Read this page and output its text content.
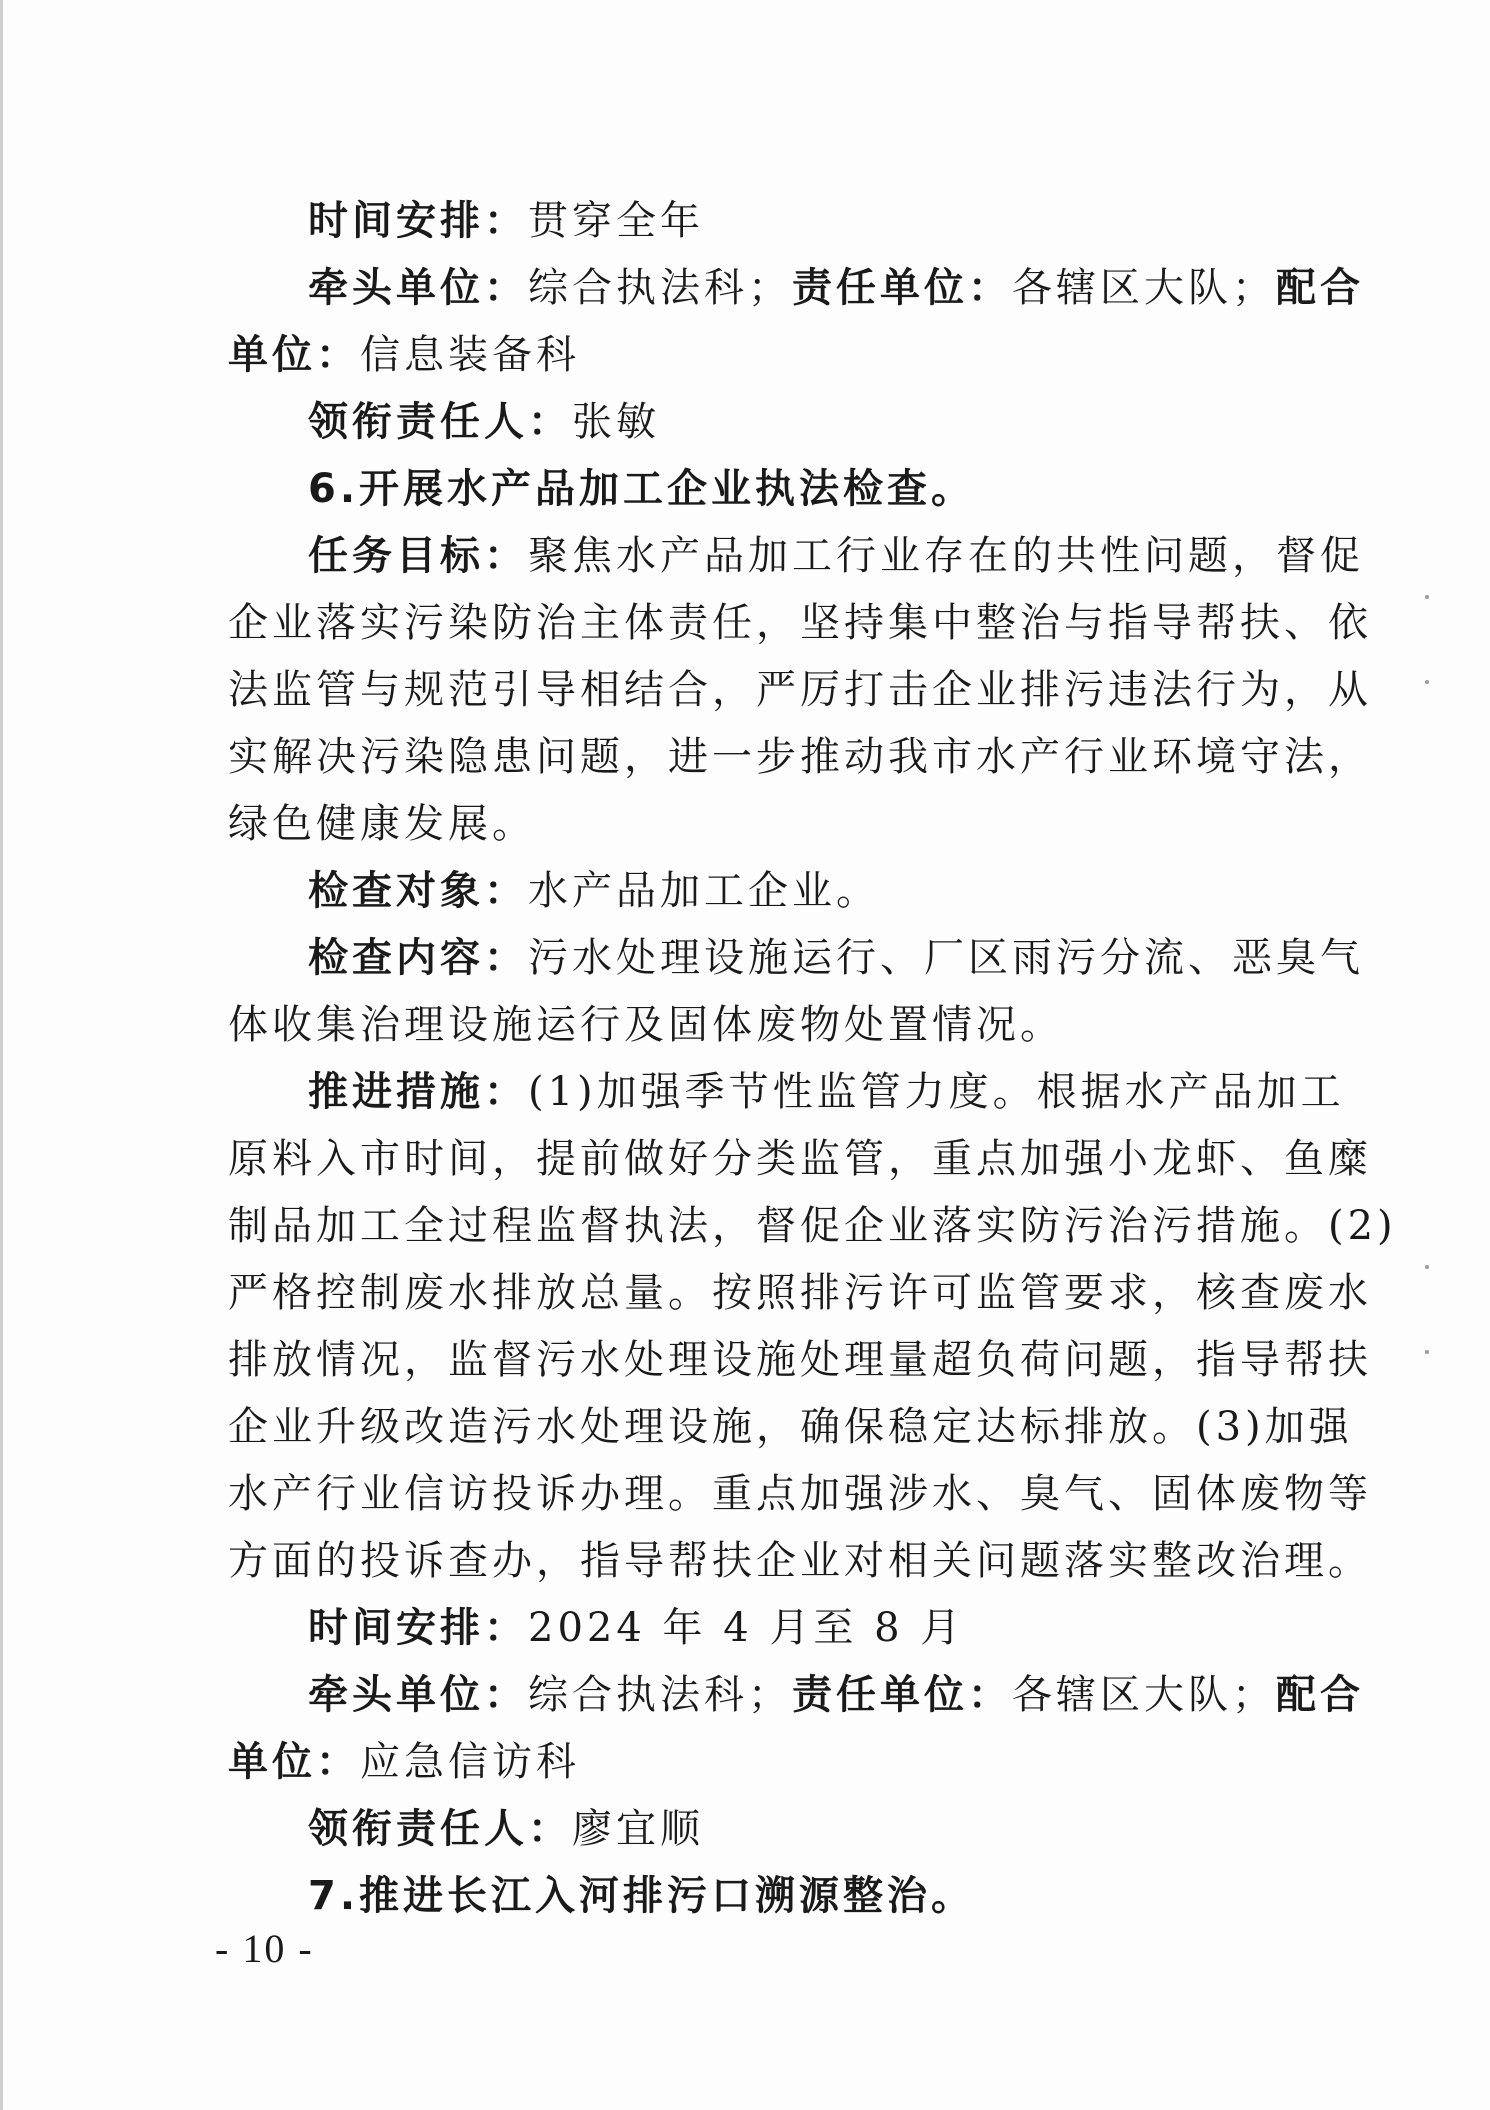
时间安排：贯穿全年
牵头单位：综合执法科；责任单位：各辖区大队；配合
单位：信息装备科
领衔责任人：张敏
6.开展水产品加工企业执法检查。
任务目标：聚焦水产品加工行业存在的共性问题，督促
企业落实污染防治主体责任，坚持集中整治与指导帮扶、依
法监管与规范引导相结合，严厉打击企业排污违法行为，从
实解决污染隐患问题，进一步推动我市水产行业环境守法，
绿色健康发展。
检查对象：水产品加工企业。
检查内容：污水处理设施运行、厂区雨污分流、恶臭气
体收集治理设施运行及固体废物处置情况。
推进措施：(1)加强季节性监管力度。根据水产品加工
原料入市时间，提前做好分类监管，重点加强小龙虾、鱼糜
制品加工全过程监督执法，督促企业落实防污治污措施。(2)
严格控制废水排放总量。按照排污许可监管要求，核查废水
排放情况，监督污水处理设施处理量超负荷问题，指导帮扶
企业升级改造污水处理设施，确保稳定达标排放。(3)加强
水产行业信访投诉办理。重点加强涉水、臭气、固体废物等
方面的投诉查办，指导帮扶企业对相关问题落实整改治理。
时间安排：2024 年 4 月至 8 月
牵头单位：综合执法科；责任单位：各辖区大队；配合
单位：应急信访科
领衔责任人：廖宜顺
7.推进长江入河排污口溯源整治。
- 10 -
